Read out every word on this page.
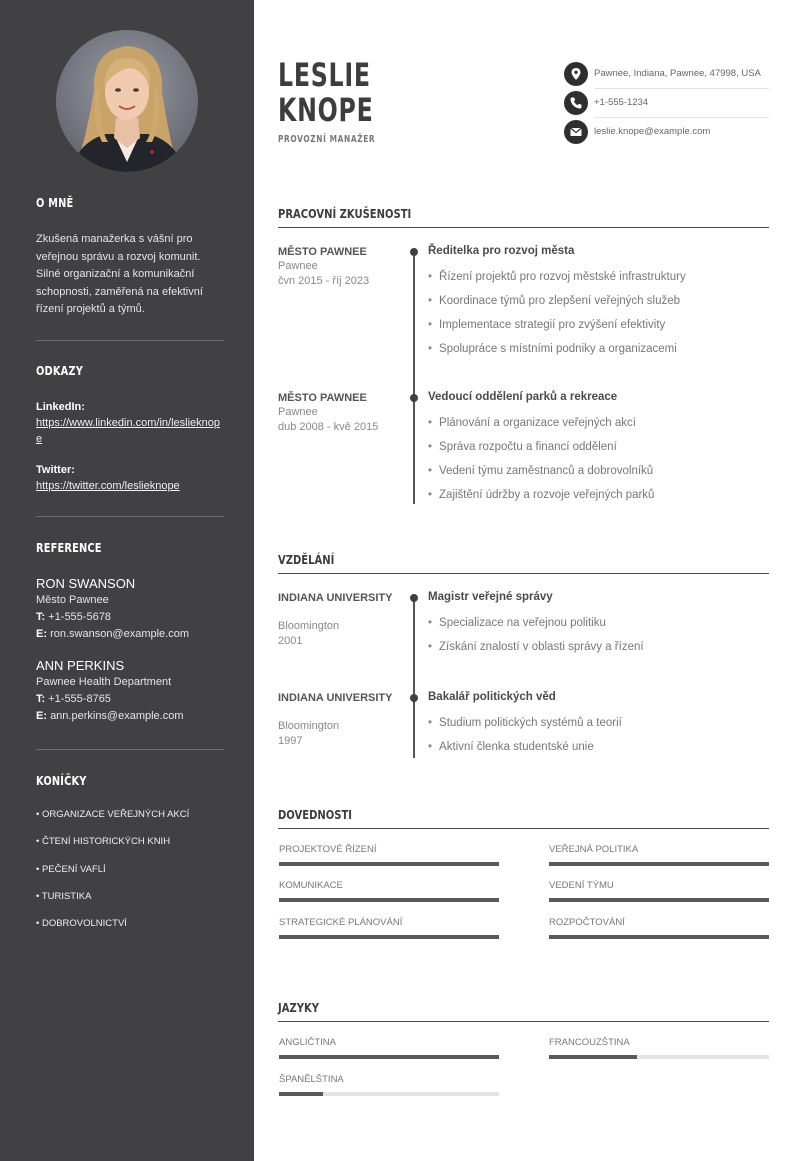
O MNĚ
Zkušená manažerka s vášní pro veřejnou správu a rozvoj komunit. Silné organizační a komunikační schopnosti, zaměřená na efektivní řízení projektů a týmů.
ODKAZY
LinkedIn:
https://www.linkedin.com/in/leslieknope
Twitter:
https://twitter.com/leslieknope
REFERENCE
RON SWANSON
Město Pawnee
T: +1-555-5678
E: ron.swanson@example.com
ANN PERKINS
Pawnee Health Department
T: +1-555-8765
E: ann.perkins@example.com
KONÍČKY
• ORGANIZACE VEŘEJNÝCH AKCÍ
• ČTENÍ HISTORICKÝCH KNIH
• PEČENÍ VAFLÍ
• TURISTIKA
• DOBROVOLNICTVÍ
LESLIE
KNOPE
PROVOZNÍ MANAŽER
Pawnee, Indiana, Pawnee, 47998, USA
+1-555-1234
leslie.knope@example.com
PRACOVNÍ ZKUŠENOSTI
MĚSTO PAWNEE
Pawnee
čvn 2015 - říj 2023
Ředitelka pro rozvoj města
• Řízení projektů pro rozvoj městské infrastruktury
• Koordinace týmů pro zlepšení veřejných služeb
• Implementace strategií pro zvýšení efektivity
• Spolupráce s místními podniky a organizacemi
MĚSTO PAWNEE
Pawnee
dub 2008 - kvě 2015
Vedoucí oddělení parků a rekreace
• Plánování a organizace veřejných akcí
• Správa rozpočtu a financí oddělení
• Vedení týmu zaměstnanců a dobrovolníků
• Zajištění údržby a rozvoje veřejných parků
VZDĚLÁNÍ
INDIANA UNIVERSITY
Bloomington
2001
Magistr veřejné správy
• Specializace na veřejnou politiku
• Získání znalostí v oblasti správy a řízení
INDIANA UNIVERSITY
Bloomington
1997
Bakalář politických věd
• Studium politických systémů a teorií
• Aktivní členka studentské unie
DOVEDNOSTI
PROJEKTOVÉ ŘÍZENÍ	VEŘEJNÁ POLITIKA
KOMUNIKACE	VEDENÍ TÝMU
STRATEGICKÉ PLÁNOVÁNÍ	ROZPOČTOVÁNÍ
JAZYKY
ANGLIČTINA	FRANCOUZŠTINA
ŠPANĚLŠTINA
